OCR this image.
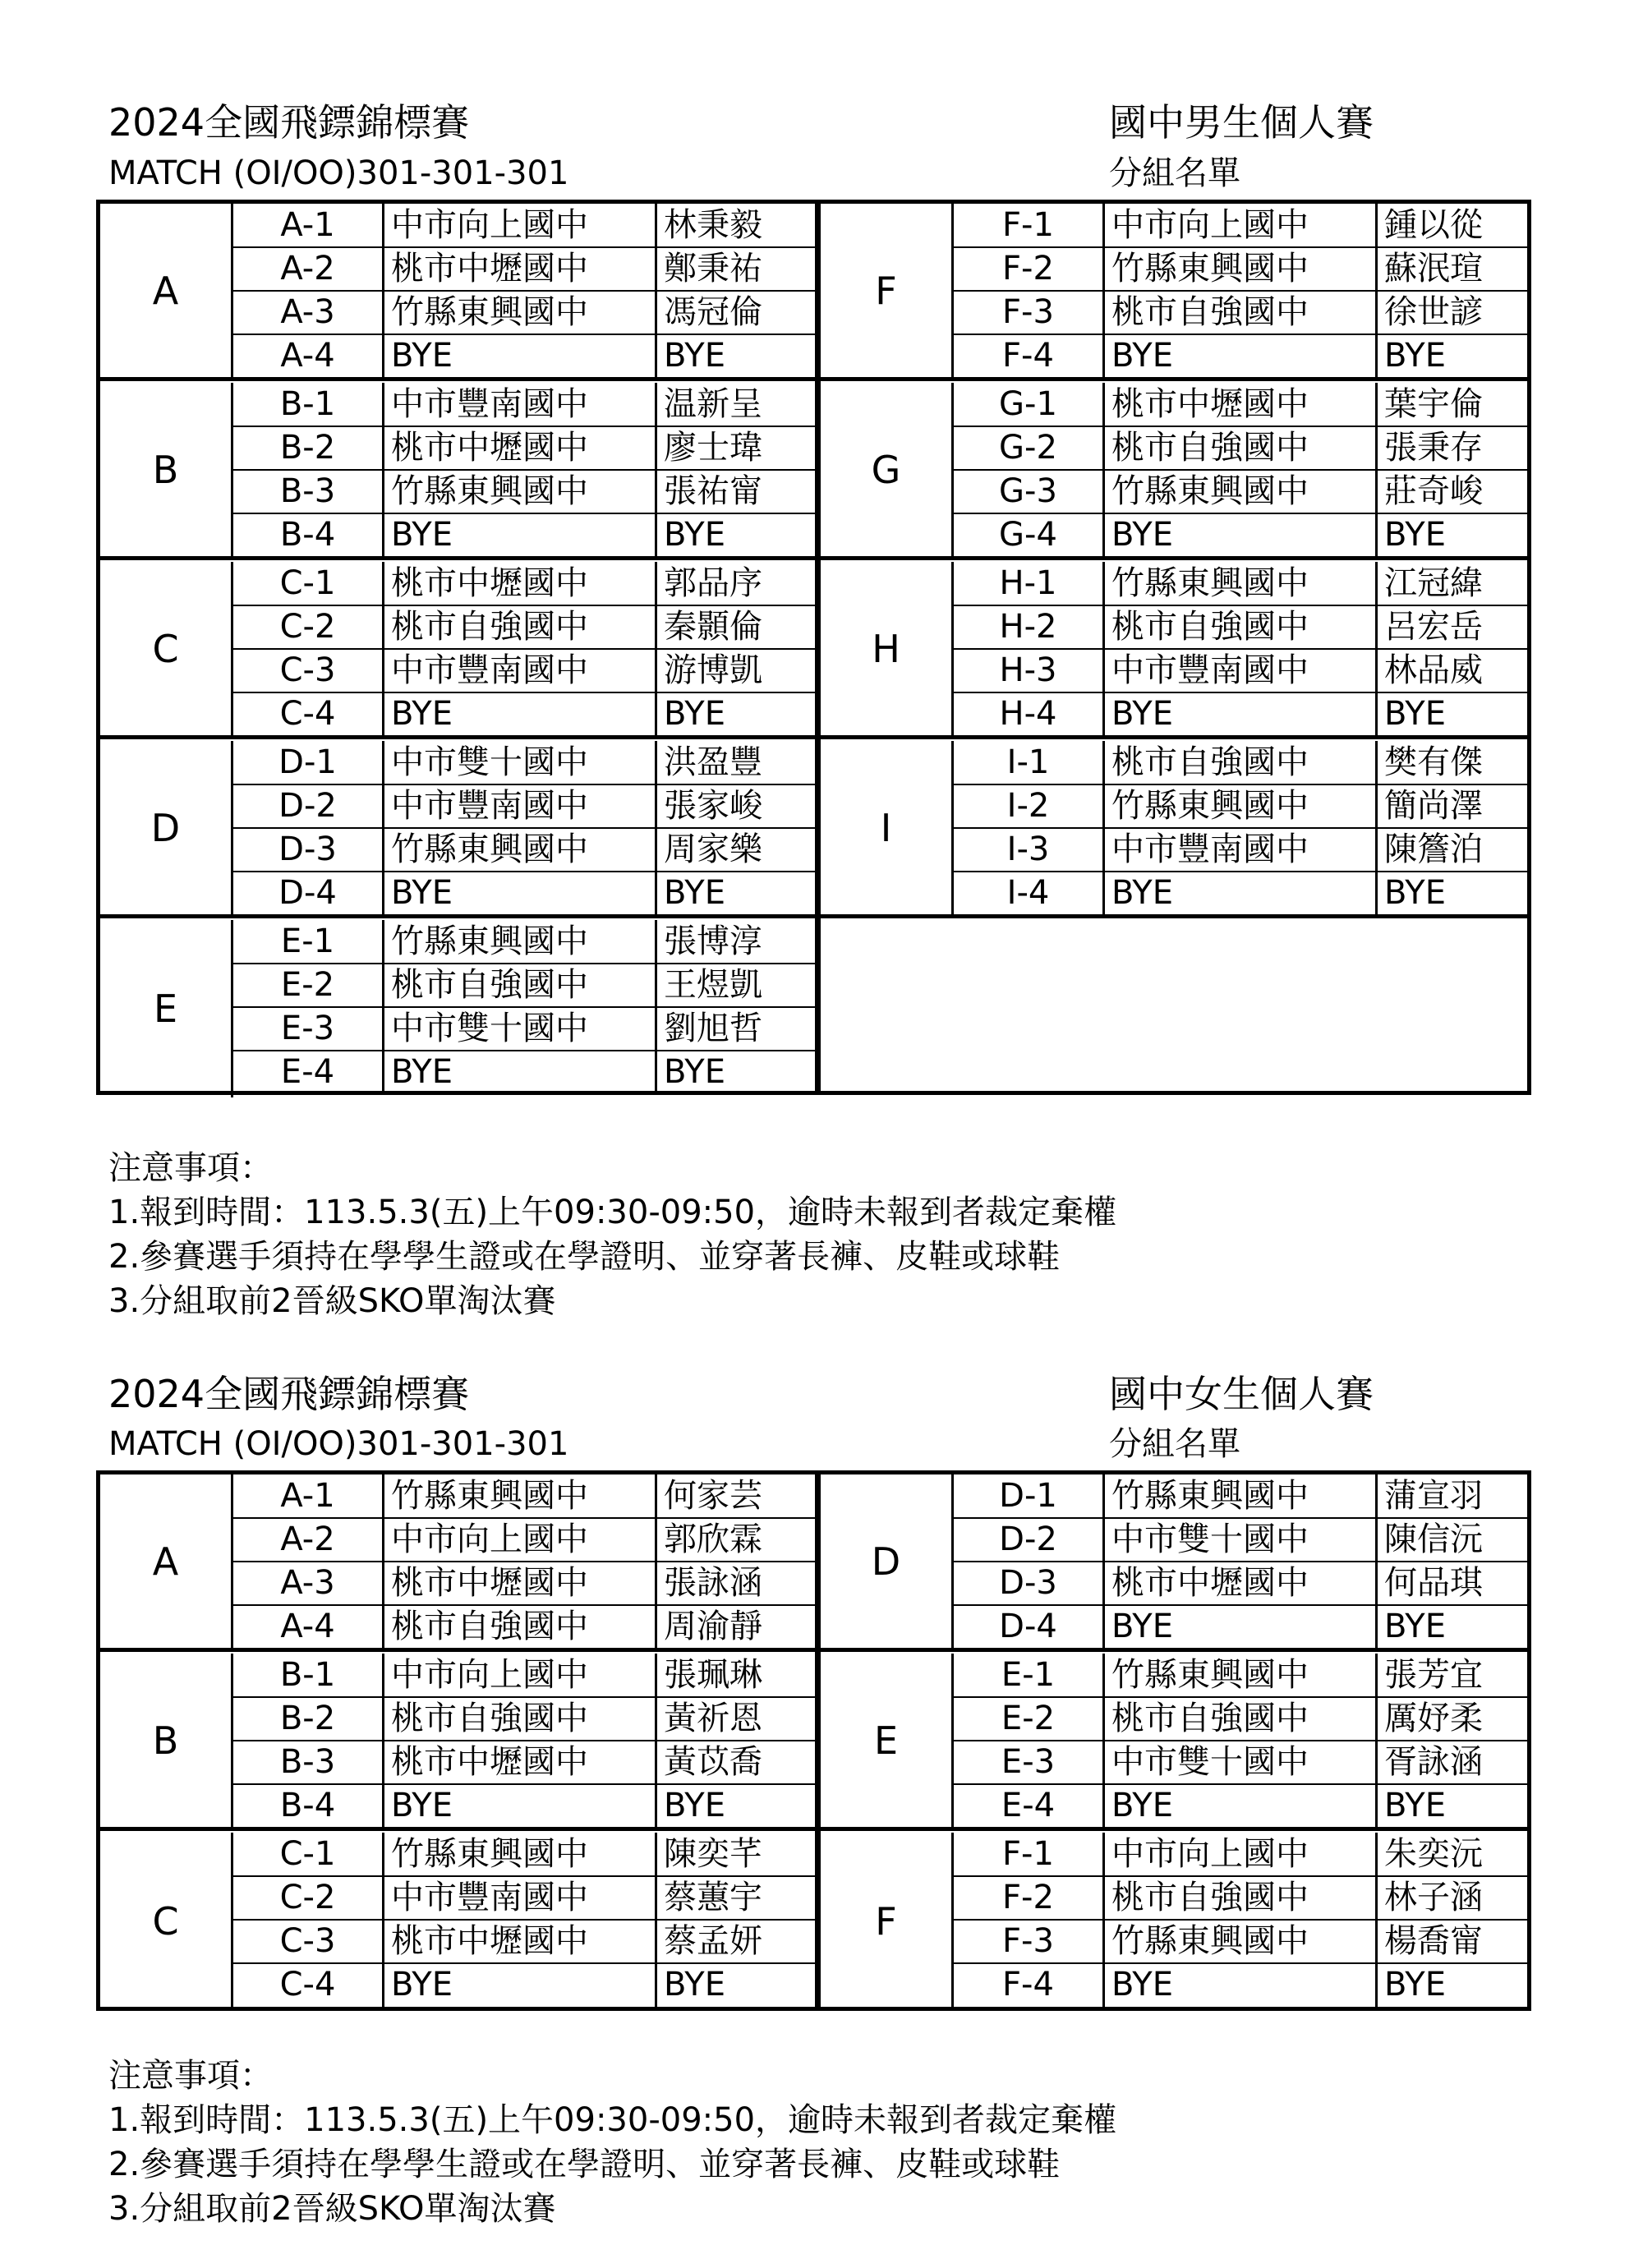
2024全國飛鏢錦標賽	國中男生個人賽
MATCH (OI/OO)301-301-301	分組名單
A
A-1	中市向上國中	林秉毅
A-2	桃市中壢國中	鄭秉祐
A-3	竹縣東興國中	馮冠倫
A-4	BYE	BYE
B
B-1	中市豐南國中	温新呈
B-2	桃市中壢國中	廖士瑋
B-3	竹縣東興國中	張祐甯
B-4	BYE	BYE
C
C-1	桃市中壢國中	郭品序
C-2	桃市自強國中	秦顥倫
C-3	中市豐南國中	游博凱
C-4	BYE	BYE
D
D-1	中市雙十國中	洪盈豐
D-2	中市豐南國中	張家峻
D-3	竹縣東興國中	周家樂
D-4	BYE	BYE
E
E-1	竹縣東興國中	張博淳
E-2	桃市自強國中	王煜凱
E-3	中市雙十國中	劉旭哲
E-4	BYE	BYE
F
F-1	中市向上國中	鍾以從
F-2	竹縣東興國中	蘇泯瑄
F-3	桃市自強國中	徐世諺
F-4	BYE	BYE
G
G-1	桃市中壢國中	葉宇倫
G-2	桃市自強國中	張秉存
G-3	竹縣東興國中	莊奇峻
G-4	BYE	BYE
H
H-1	竹縣東興國中	江冠緯
H-2	桃市自強國中	呂宏岳
H-3	中市豐南國中	林品威
H-4	BYE	BYE
I
I-1	桃市自強國中	樊有傑
I-2	竹縣東興國中	簡尚澤
I-3	中市豐南國中	陳簷泊
I-4	BYE	BYE
注意事項：
1.報到時間：113.5.3(五)上午09:30-09:50，逾時未報到者裁定棄權
2.參賽選手須持在學學生證或在學證明、並穿著長褲、皮鞋或球鞋
3.分組取前2晉級SKO單淘汰賽
2024全國飛鏢錦標賽	國中女生個人賽
MATCH (OI/OO)301-301-301	分組名單
A
A-1	竹縣東興國中	何家芸
A-2	中市向上國中	郭欣霖
A-3	桃市中壢國中	張詠涵
A-4	桃市自強國中	周渝靜
B
B-1	中市向上國中	張珮琳
B-2	桃市自強國中	黃祈恩
B-3	桃市中壢國中	黃苡喬
B-4	BYE	BYE
C
C-1	竹縣東興國中	陳奕芊
C-2	中市豐南國中	蔡蕙宇
C-3	桃市中壢國中	蔡孟妍
C-4	BYE	BYE
D
D-1	竹縣東興國中	蒲宣羽
D-2	中市雙十國中	陳信沅
D-3	桃市中壢國中	何品琪
D-4	BYE	BYE
E
E-1	竹縣東興國中	張芳宜
E-2	桃市自強國中	厲妤柔
E-3	中市雙十國中	胥詠涵
E-4	BYE	BYE
F
F-1	中市向上國中	朱奕沅
F-2	桃市自強國中	林子涵
F-3	竹縣東興國中	楊喬甯
F-4	BYE	BYE
注意事項：
1.報到時間：113.5.3(五)上午09:30-09:50，逾時未報到者裁定棄權
2.參賽選手須持在學學生證或在學證明、並穿著長褲、皮鞋或球鞋
3.分組取前2晉級SKO單淘汰賽
